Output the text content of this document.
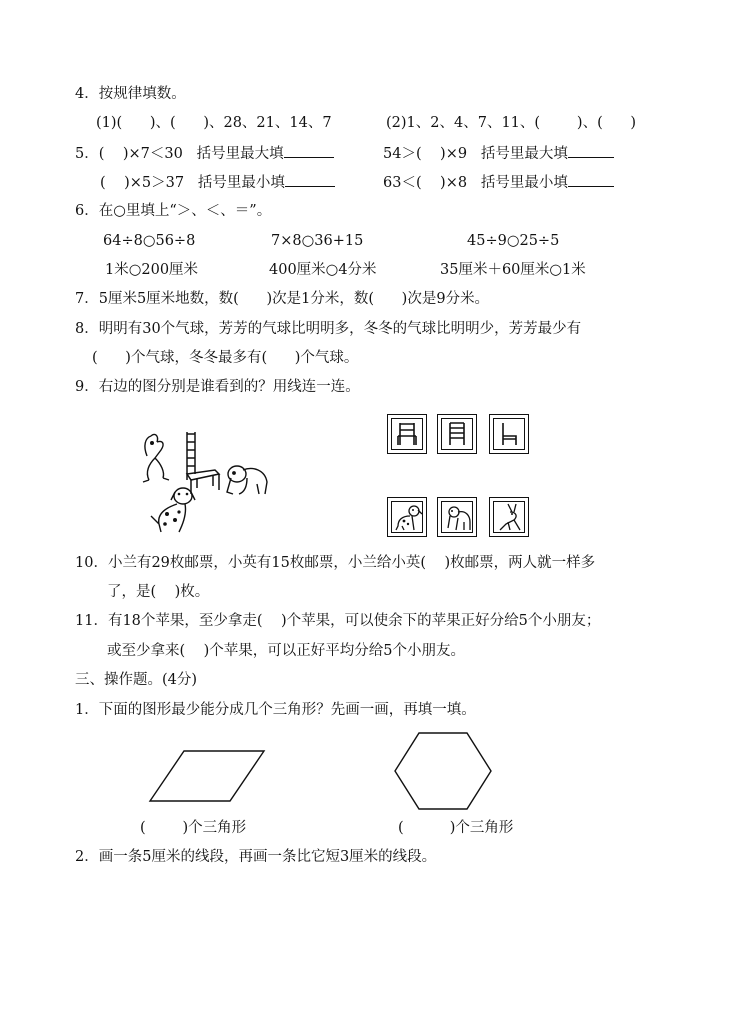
4．按规律填数。
(1)(      )、(      )、28、21、14、7	(2)1、2、4、7、11、(        )、(      )
5．(    )×7＜30   括号里最大填	54＞(    )×9   括号里最大填
(    )×5＞37   括号里最小填	63＜(    )×8   括号里最小填
6．在○里填上“＞、＜、＝”。
64÷8○56÷8	7×8○36+15	45÷9○25÷5
1米○200厘米	400厘米○4分米	35厘米＋60厘米○1米
7．5厘米5厘米地数，数(      )次是1分米，数(      )次是9分米。
8．明明有30个气球，芳芳的气球比明明多，冬冬的气球比明明少，芳芳最少有
(      )个气球，冬冬最多有(      )个气球。
9．右边的图分别是谁看到的？用线连一连。
10．小兰有29枚邮票，小英有15枚邮票，小兰给小英(    )枚邮票，两人就一样多
了，是(    )枚。
11．有18个苹果，至少拿走(    )个苹果，可以使余下的苹果正好分给5个小朋友；
或至少拿来(    )个苹果，可以正好平均分给5个小朋友。
三、操作题。(4分)
1．下面的图形最少能分成几个三角形？先画一画，再填一填。
(        )个三角形	(          )个三角形
2．画一条5厘米的线段，再画一条比它短3厘米的线段。
